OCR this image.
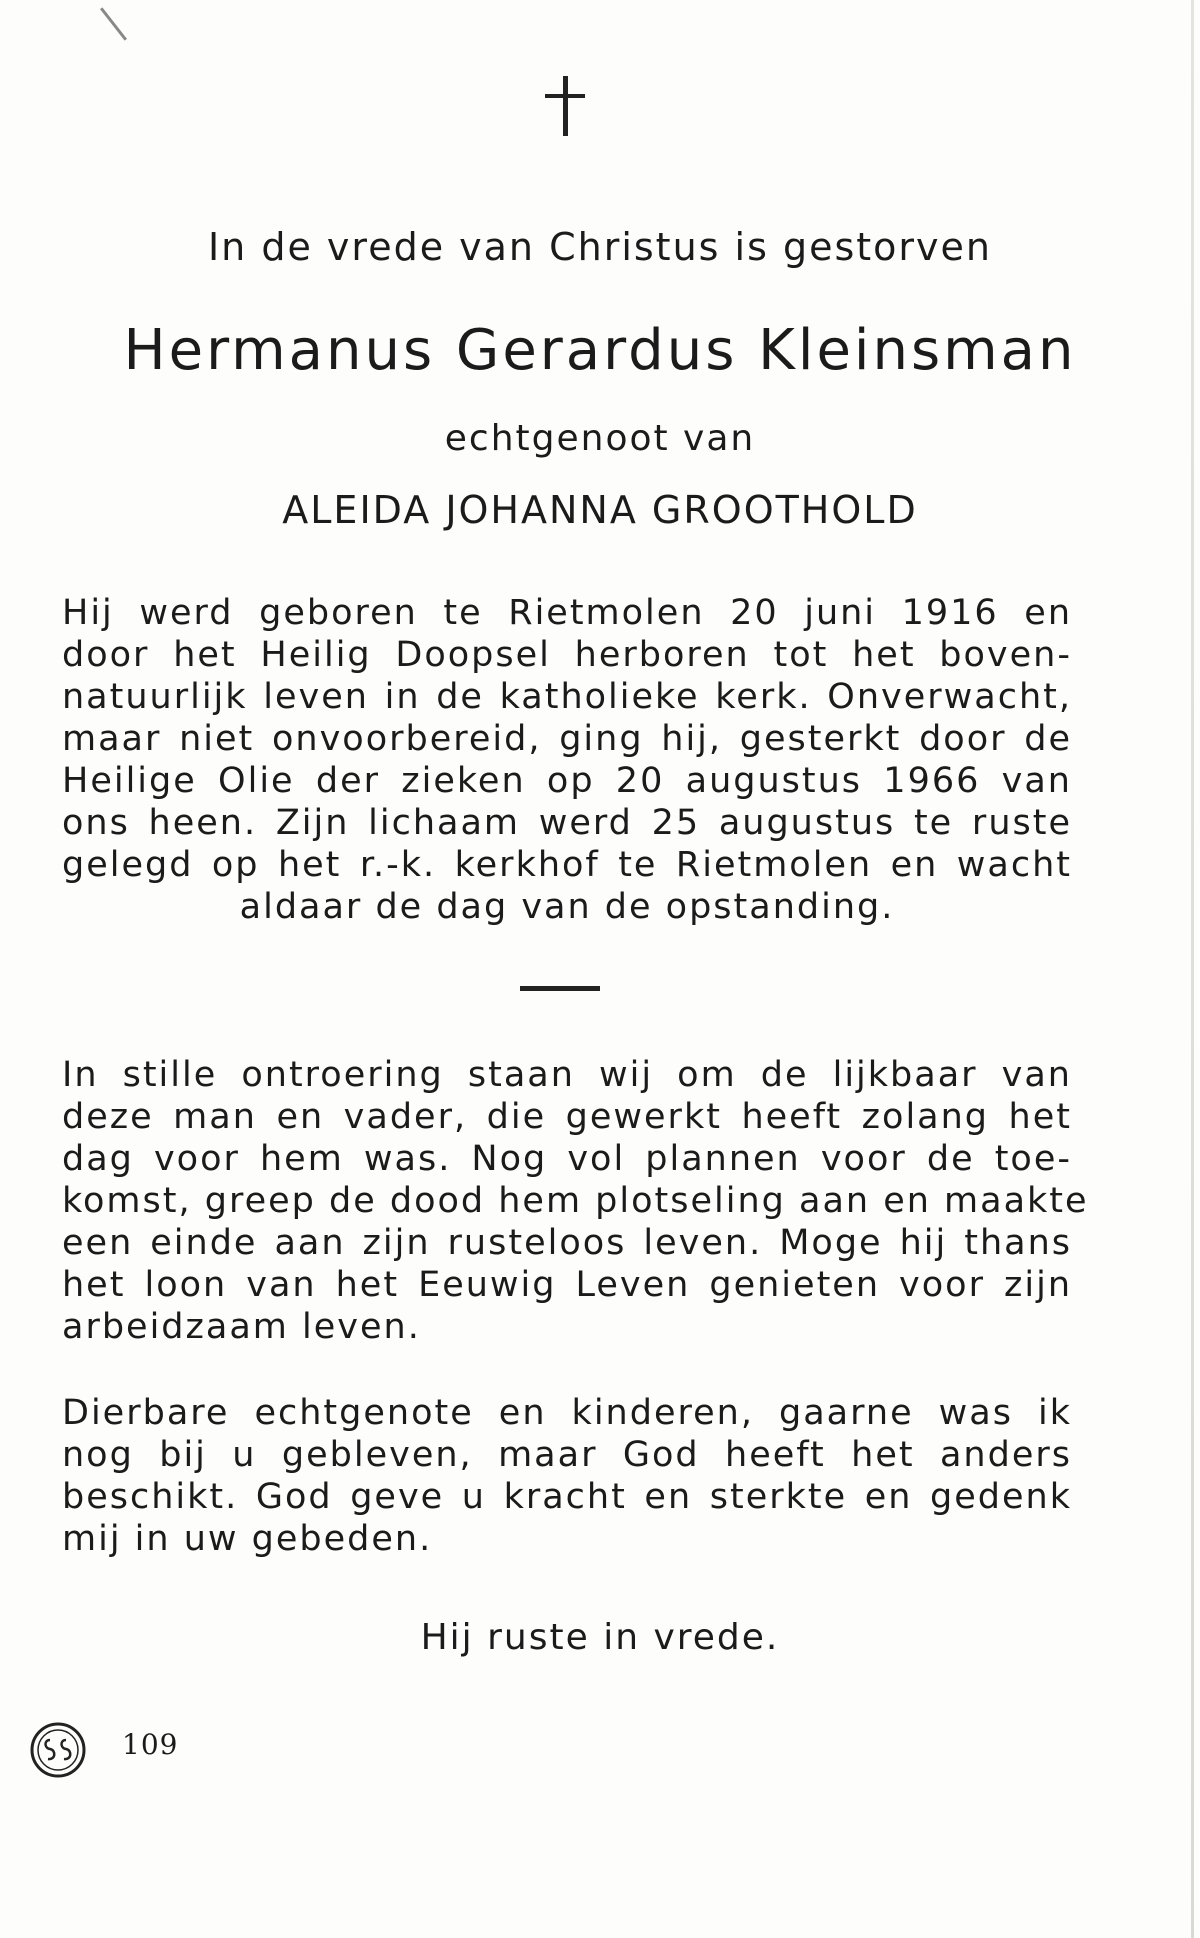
In de vrede van Christus is gestorven
Hermanus Gerardus Kleinsman
echtgenoot van
ALEIDA JOHANNA GROOTHOLD
Hij werd geboren te Rietmolen 20 juni 1916 en
door het Heilig Doopsel herboren tot het boven-
natuurlijk leven in de katholieke kerk. Onverwacht,
maar niet onvoorbereid, ging hij, gesterkt door de
Heilige Olie der zieken op 20 augustus 1966 van
ons heen. Zijn lichaam werd 25 augustus te ruste
gelegd op het r.-k. kerkhof te Rietmolen en wacht
aldaar de dag van de opstanding.
In stille ontroering staan wij om de lijkbaar van
deze man en vader, die gewerkt heeft zolang het
dag voor hem was. Nog vol plannen voor de toe-
komst, greep de dood hem plotseling aan en maakte
een einde aan zijn rusteloos leven. Moge hij thans
het loon van het Eeuwig Leven genieten voor zijn
arbeidzaam leven.
Dierbare echtgenote en kinderen, gaarne was ik
nog bij u gebleven, maar God heeft het anders
beschikt. God geve u kracht en sterkte en gedenk
mij in uw gebeden.
Hij ruste in vrede.
109
